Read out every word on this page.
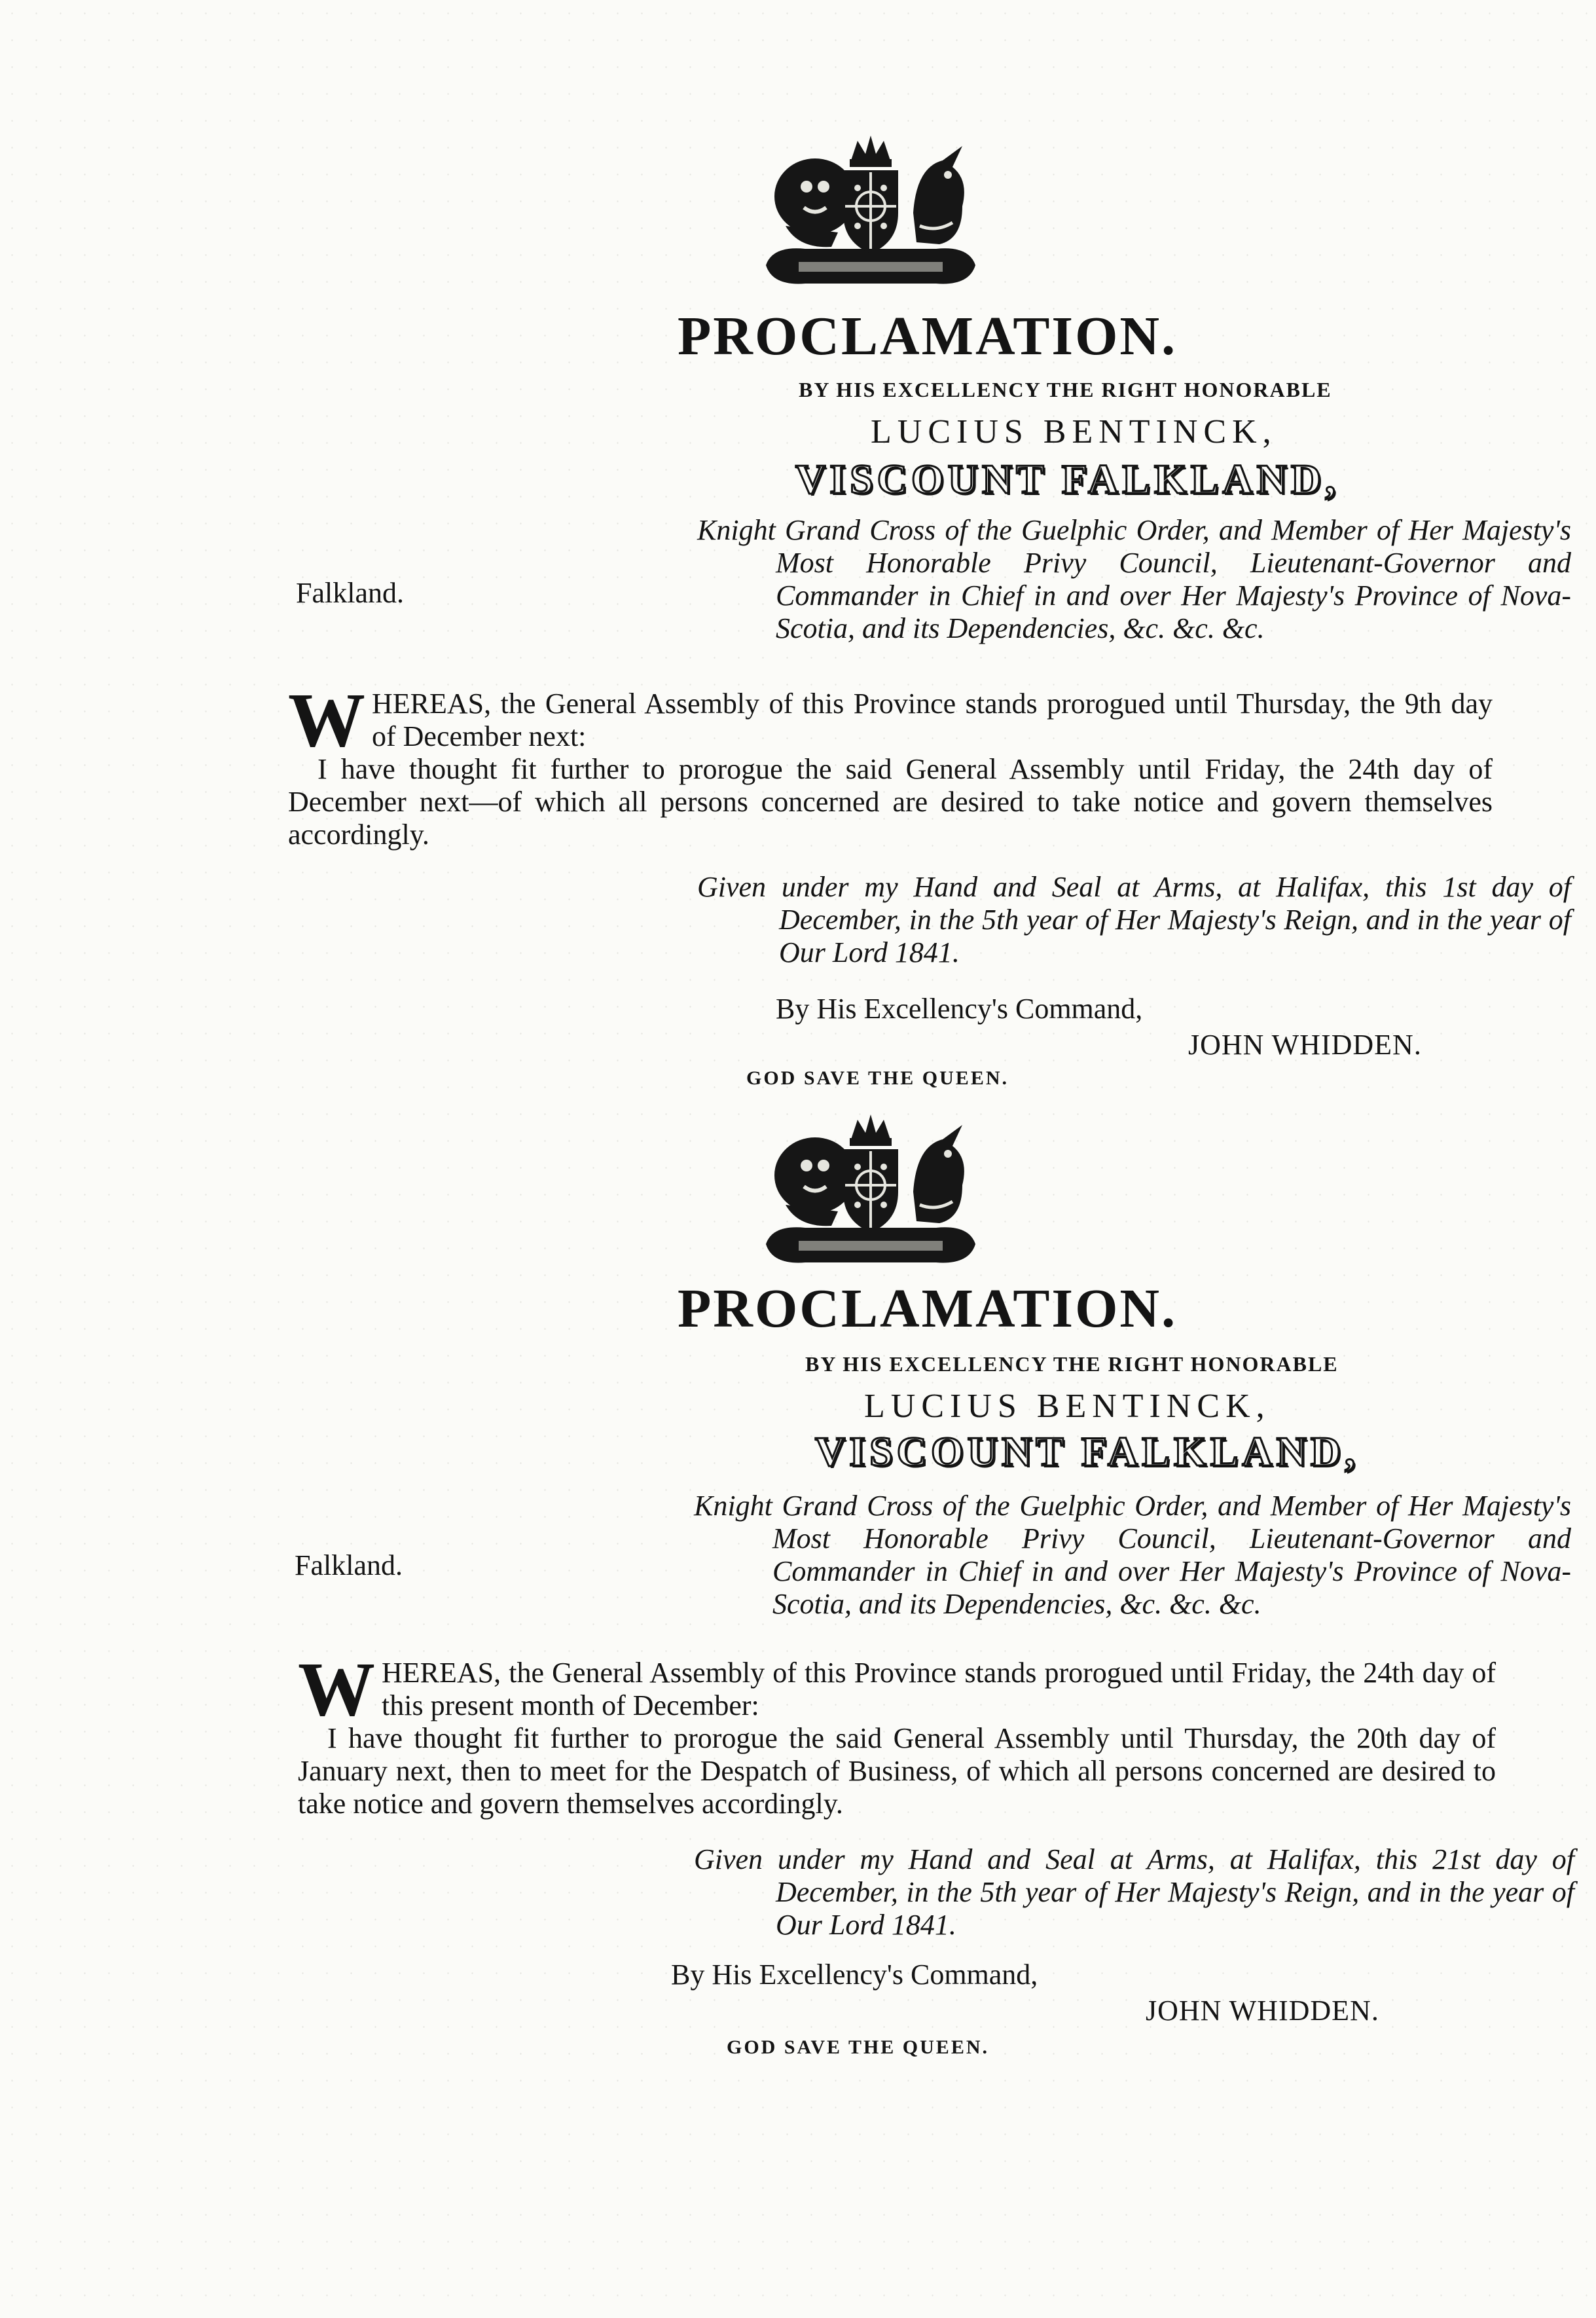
PROCLAMATION.
BY HIS EXCELLENCY THE RIGHT HONORABLE
LUCIUS BENTINCK,
VISCOUNT FALKLAND,
Knight Grand Cross of the Guelphic Order, and Member of Her Majesty's Most Honorable Privy Council, Lieutenant-Governor and Commander in Chief in and over Her Majesty's Province of Nova-Scotia, and its Dependencies, &c. &c. &c.
Falkland.
W HEREAS, the General Assembly of this Province stands prorogued until Thursday, the 9th day of December next:
I have thought fit further to prorogue the said General Assembly until Friday, the 24th day of December next—of which all persons concerned are desired to take notice and govern themselves accordingly.
Given under my Hand and Seal at Arms, at Halifax, this 1st day of December, in the 5th year of Her Majesty's Reign, and in the year of Our Lord 1841.
By His Excellency's Command,
JOHN WHIDDEN.
GOD SAVE THE QUEEN.
PROCLAMATION.
BY HIS EXCELLENCY THE RIGHT HONORABLE
LUCIUS BENTINCK,
VISCOUNT FALKLAND,
Knight Grand Cross of the Guelphic Order, and Member of Her Majesty's Most Honorable Privy Council, Lieutenant-Governor and Commander in Chief in and over Her Majesty's Province of Nova-Scotia, and its Dependencies, &c. &c. &c.
Falkland.
W HEREAS, the General Assembly of this Province stands prorogued until Friday, the 24th day of this present month of December:
I have thought fit further to prorogue the said General Assembly until Thursday, the 20th day of January next, then to meet for the Despatch of Business, of which all persons concerned are desired to take notice and govern themselves accordingly.
Given under my Hand and Seal at Arms, at Halifax, this 21st day of December, in the 5th year of Her Majesty's Reign, and in the year of Our Lord 1841.
By His Excellency's Command,
JOHN WHIDDEN.
GOD SAVE THE QUEEN.
